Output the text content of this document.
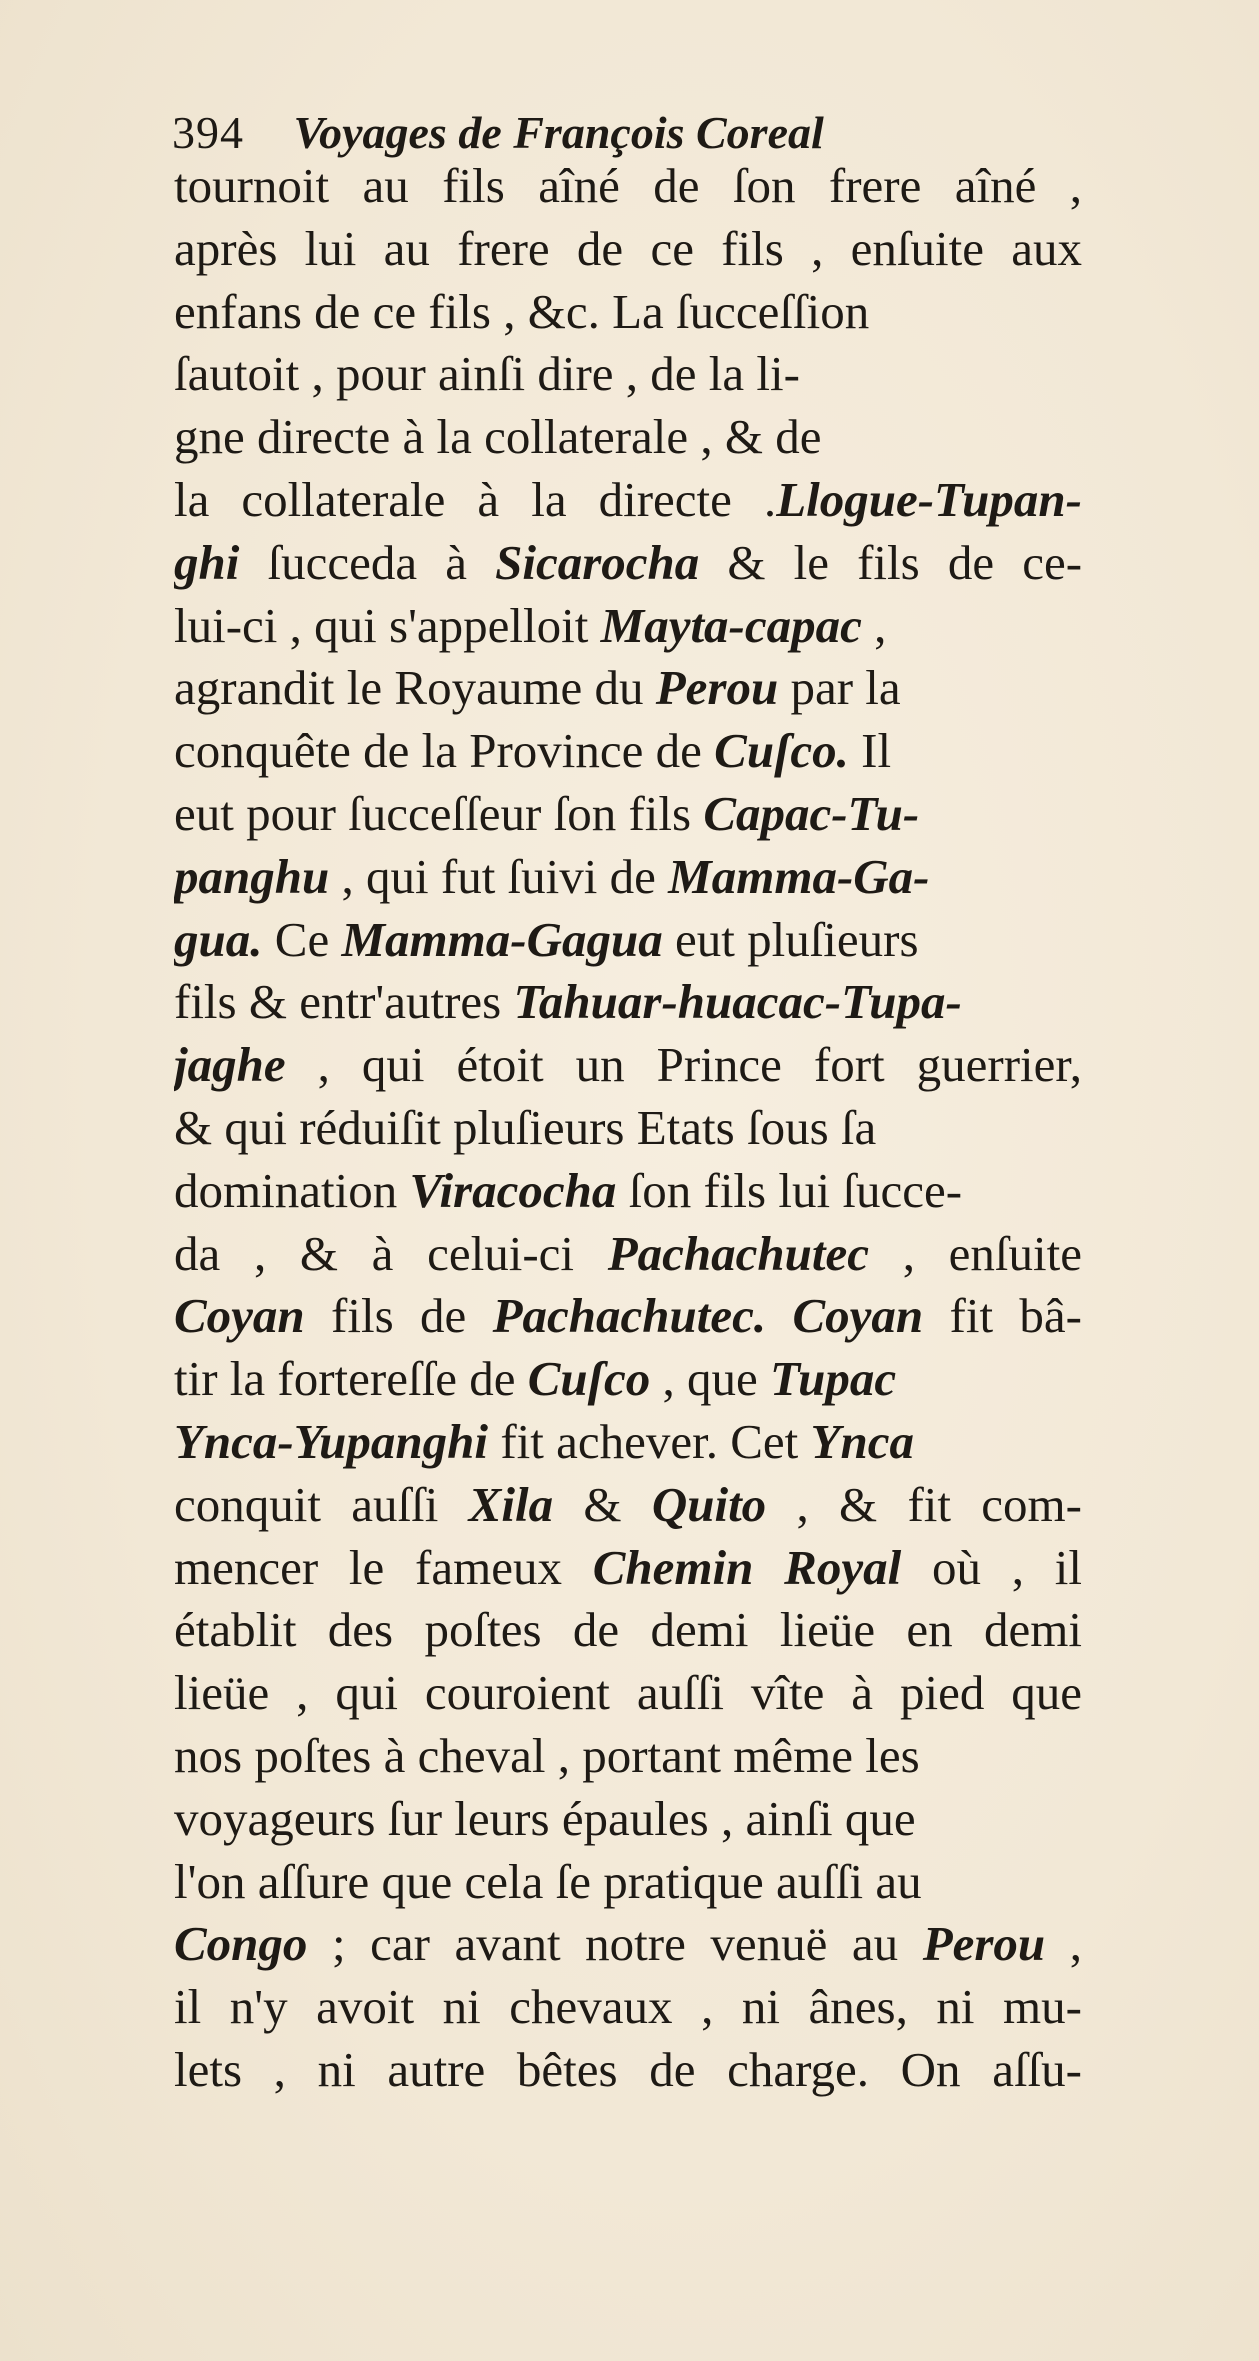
394 Voyages de François Coreal
tournoit au fils aîné de ſon frere aîné ,
après lui au frere de ce fils , enſuite aux
enfans de ce fils , &c. La ſucceſſion
ſautoit , pour ainſi dire , de la li-
gne directe à la collaterale , & de
la collaterale à la directe .Llogue-Tupan-
ghi ſucceda à Sicarocha & le fils de ce-
lui-ci , qui s'appelloit Mayta-capac ,
agrandit le Royaume du Perou par la
conquête de la Province de Cuſco. Il
eut pour ſucceſſeur ſon fils Capac-Tu-
panghu , qui fut ſuivi de Mamma-Ga-
gua. Ce Mamma-Gagua eut pluſieurs
fils & entr'autres Tahuar-huacac-Tupa-
jaghe , qui étoit un Prince fort guerrier,
& qui réduiſit pluſieurs Etats ſous ſa
domination Viracocha ſon fils lui ſucce-
da , & à celui-ci Pachachutec , enſuite
Coyan fils de Pachachutec. Coyan fit bâ-
tir la fortereſſe de Cuſco , que Tupac
Ynca-Yupanghi fit achever. Cet Ynca
conquit auſſi Xila & Quito , & fit com-
mencer le fameux Chemin Royal où , il
établit des poſtes de demi lieüe en demi
lieüe , qui couroient auſſi vîte à pied que
nos poſtes à cheval , portant même les
voyageurs ſur leurs épaules , ainſi que
l'on aſſure que cela ſe pratique auſſi au
Congo ; car avant notre venuë au Perou ,
il n'y avoit ni chevaux , ni ânes, ni mu-
lets , ni autre bêtes de charge. On aſſu-
